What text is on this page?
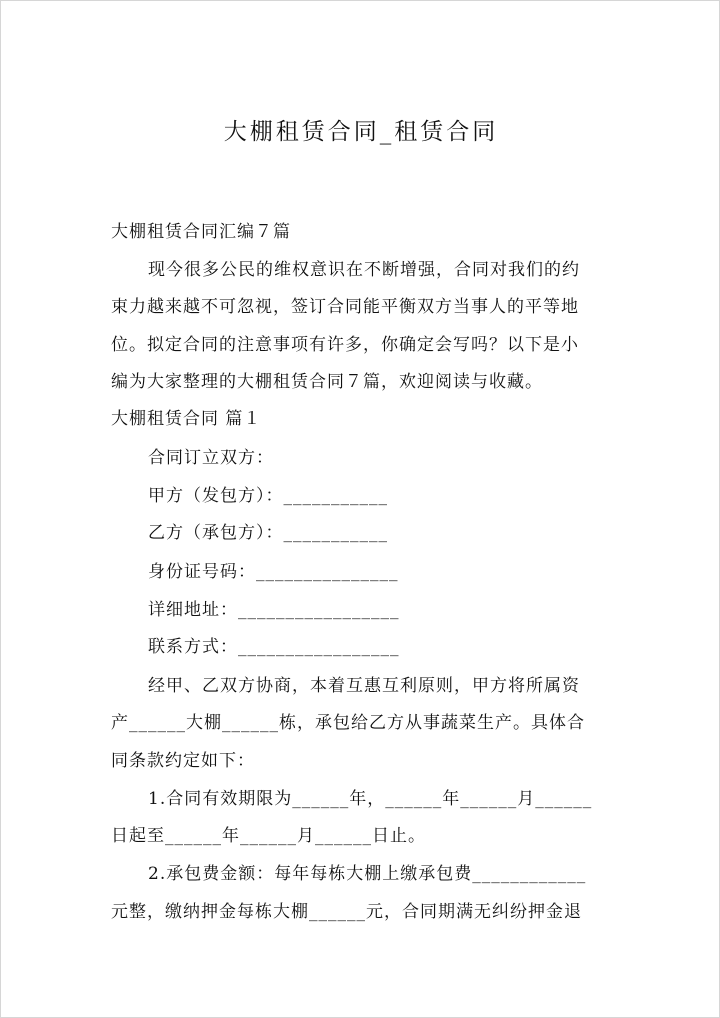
大棚租赁合同_租赁合同
大棚租赁合同汇编７篇
现今很多公民的维权意识在不断增强，合同对我们的约
束力越来越不可忽视，签订合同能平衡双方当事人的平等地
位。拟定合同的注意事项有许多，你确定会写吗？以下是小
编为大家整理的大棚租赁合同７篇，欢迎阅读与收藏。
大棚租赁合同 篇１
合同订立双方：
甲方（发包方）：___________
乙方（承包方）：___________
身份证号码：_______________
详细地址：_________________
联系方式：_________________
经甲、乙双方协商，本着互惠互利原则，甲方将所属资
产______大棚______栋，承包给乙方从事蔬菜生产。具体合
同条款约定如下：
1.合同有效期限为______年，______年______月______
日起至______年______月______日止。
2.承包费金额：每年每栋大棚上缴承包费____________
元整，缴纳押金每栋大棚______元，合同期满无纠纷押金退
